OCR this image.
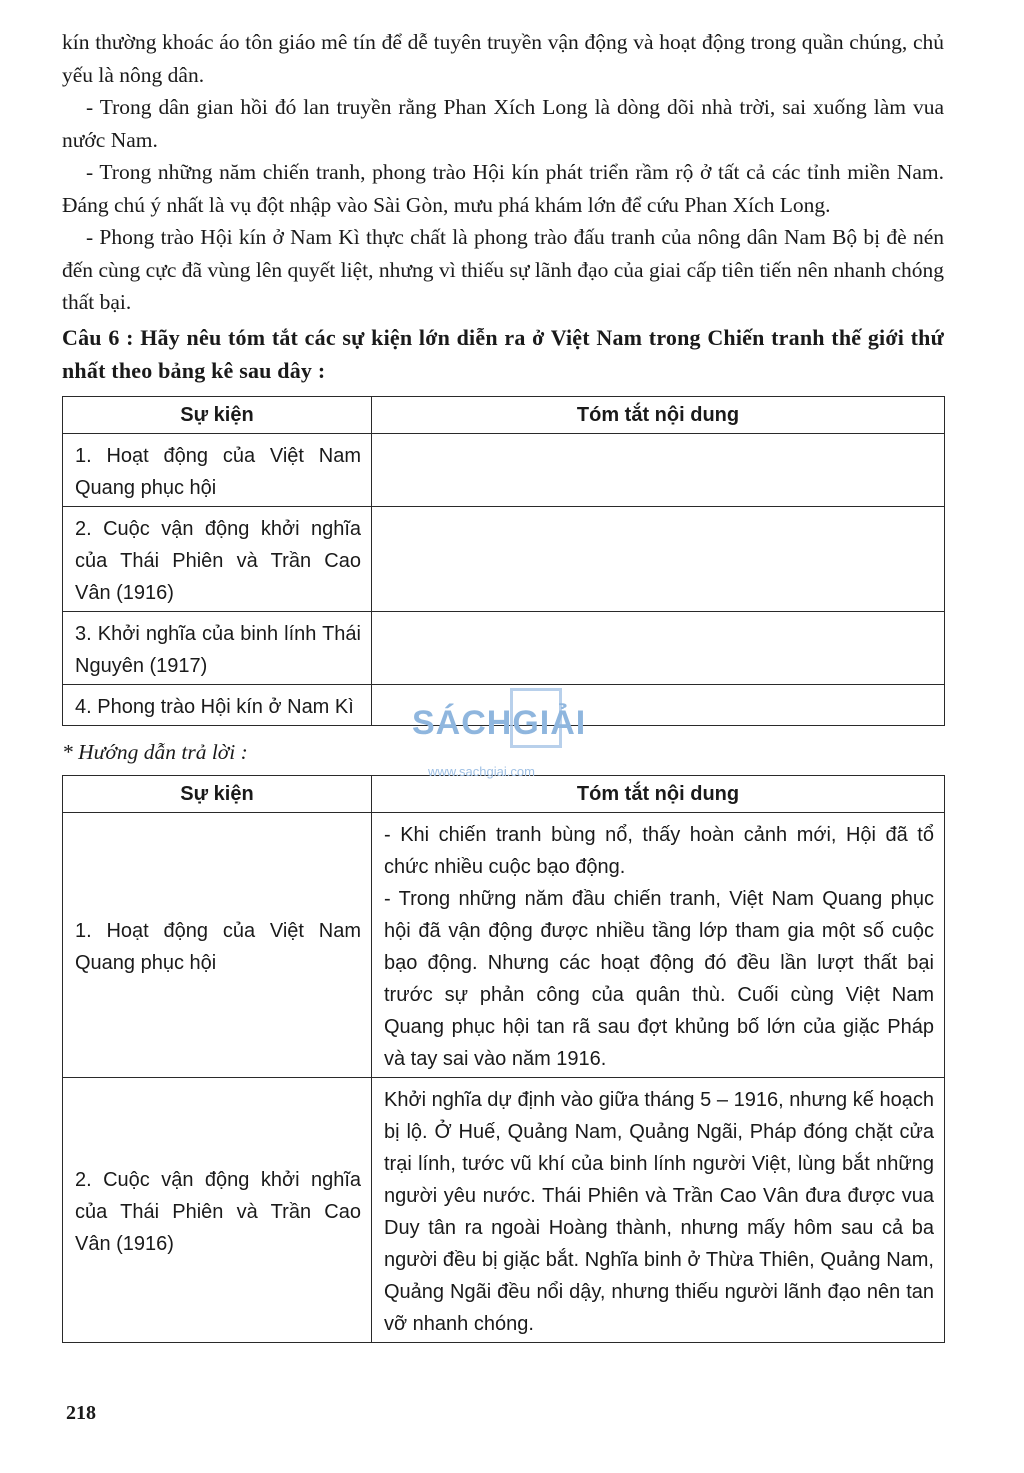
kín thường khoác áo tôn giáo mê tín để dễ tuyên truyền vận động và hoạt động trong quần chúng, chủ yếu là nông dân.

- Trong dân gian hồi đó lan truyền rằng Phan Xích Long là dòng dõi nhà trời, sai xuống làm vua nước Nam.

- Trong những năm chiến tranh, phong trào Hội kín phát triển rầm rộ ở tất cả các tỉnh miền Nam. Đáng chú ý nhất là vụ đột nhập vào Sài Gòn, mưu phá khám lớn để cứu Phan Xích Long.

- Phong trào Hội kín ở Nam Kì thực chất là phong trào đấu tranh của nông dân Nam Bộ bị đè nén đến cùng cực đã vùng lên quyết liệt, nhưng vì thiếu sự lãnh đạo của giai cấp tiên tiến nên nhanh chóng thất bại.

Câu 6 : Hãy nêu tóm tắt các sự kiện lớn diễn ra ở Việt Nam trong Chiến tranh thế giới thứ nhất theo bảng kê sau dây :

Sự kiện	Tóm tắt nội dung
1. Hoạt động của Việt Nam Quang phục hội	
2. Cuộc vận động khởi nghĩa của Thái Phiên và Trần Cao Vân (1916)	
3. Khởi nghĩa của binh lính Thái Nguyên (1917)	
4. Phong trào Hội kín ở Nam Kì	
* Hướng dẫn trả lời :
Sự kiện	Tóm tắt nội dung
1. Hoạt động của Việt Nam Quang phục hội	- Khi chiến tranh bùng nổ, thấy hoàn cảnh mới, Hội đã tổ chức nhiều cuộc bạo động.
- Trong những năm đầu chiến tranh, Việt Nam Quang phục hội đã vận động được nhiều tầng lớp tham gia một số cuộc bạo động. Nhưng các hoạt động đó đều lần lượt thất bại trước sự phản công của quân thù. Cuối cùng Việt Nam Quang phục hội tan rã sau đợt khủng bố lớn của giặc Pháp và tay sai vào năm 1916.

2. Cuộc vận động khởi nghĩa của Thái Phiên và Trần Cao Vân (1916)	Khởi nghĩa dự định vào giữa tháng 5 – 1916, nhưng kế hoạch bị lộ. Ở Huế, Quảng Nam, Quảng Ngãi, Pháp đóng chặt cửa trại lính, tước vũ khí của binh lính người Việt, lùng bắt những người yêu nước. Thái Phiên và Trần Cao Vân đưa được vua Duy tân ra ngoài Hoàng thành, nhưng mấy hôm sau cả ba người đều bị giặc bắt. Nghĩa binh ở Thừa Thiên, Quảng Nam, Quảng Ngãi đều nổi dậy, nhưng thiếu người lãnh đạo nên tan vỡ nhanh chóng.
SÁCHGIẢI
www.sachgiai.com
218
